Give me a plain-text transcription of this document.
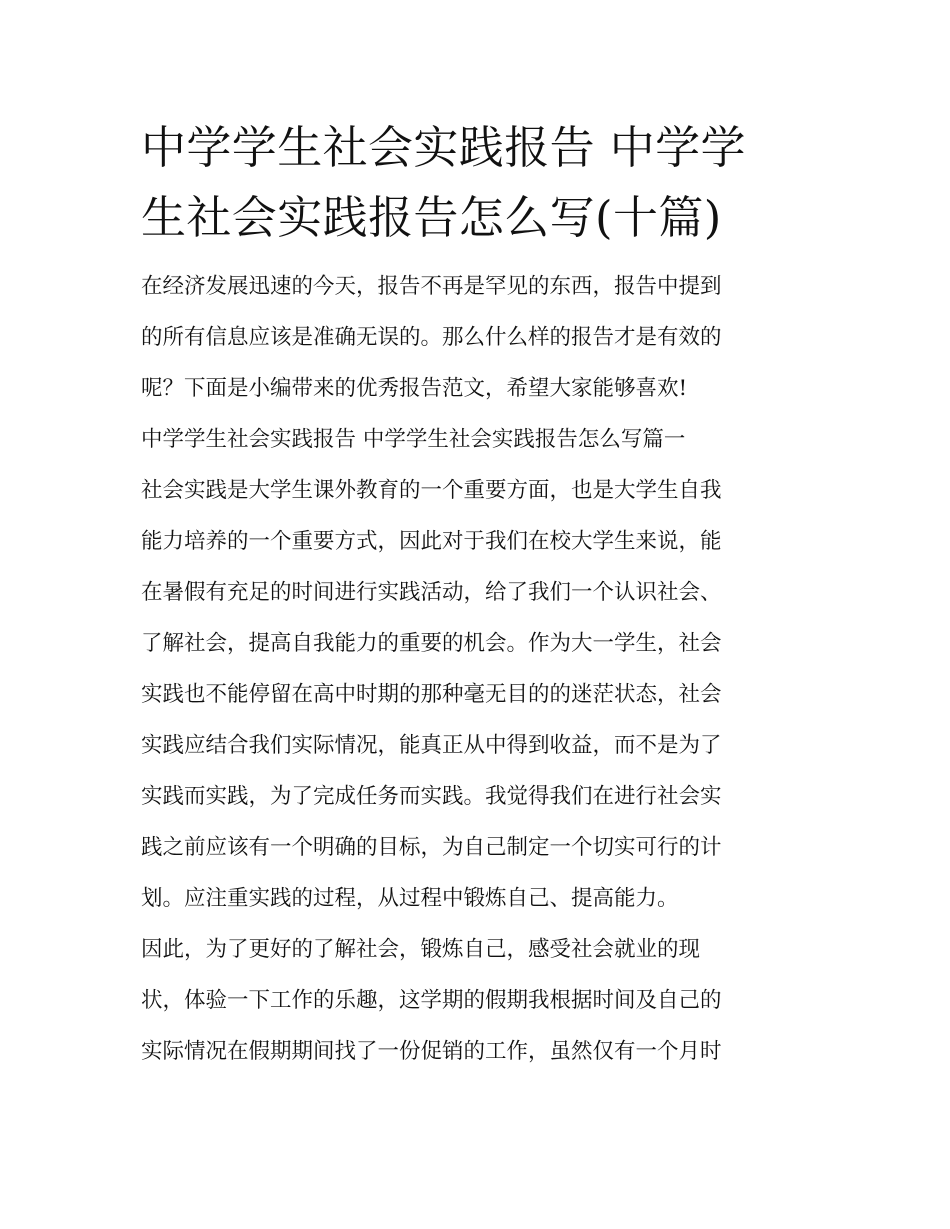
中学学生社会实践报告 中学学
生社会实践报告怎么写(十篇)
在经济发展迅速的今天，报告不再是罕见的东西，报告中提到
的所有信息应该是准确无误的。那么什么样的报告才是有效的
呢？下面是小编带来的优秀报告范文，希望大家能够喜欢!
中学学生社会实践报告 中学学生社会实践报告怎么写篇一
社会实践是大学生课外教育的一个重要方面，也是大学生自我
能力培养的一个重要方式，因此对于我们在校大学生来说，能
在暑假有充足的时间进行实践活动，给了我们一个认识社会、
了解社会，提高自我能力的重要的机会。作为大一学生，社会
实践也不能停留在高中时期的那种毫无目的的迷茫状态，社会
实践应结合我们实际情况，能真正从中得到收益，而不是为了
实践而实践，为了完成任务而实践。我觉得我们在进行社会实
践之前应该有一个明确的目标，为自己制定一个切实可行的计
划。应注重实践的过程，从过程中锻炼自己、提高能力。
因此，为了更好的了解社会，锻炼自己，感受社会就业的现
状，体验一下工作的乐趣，这学期的假期我根据时间及自己的
实际情况在假期期间找了一份促销的工作，虽然仅有一个月时
